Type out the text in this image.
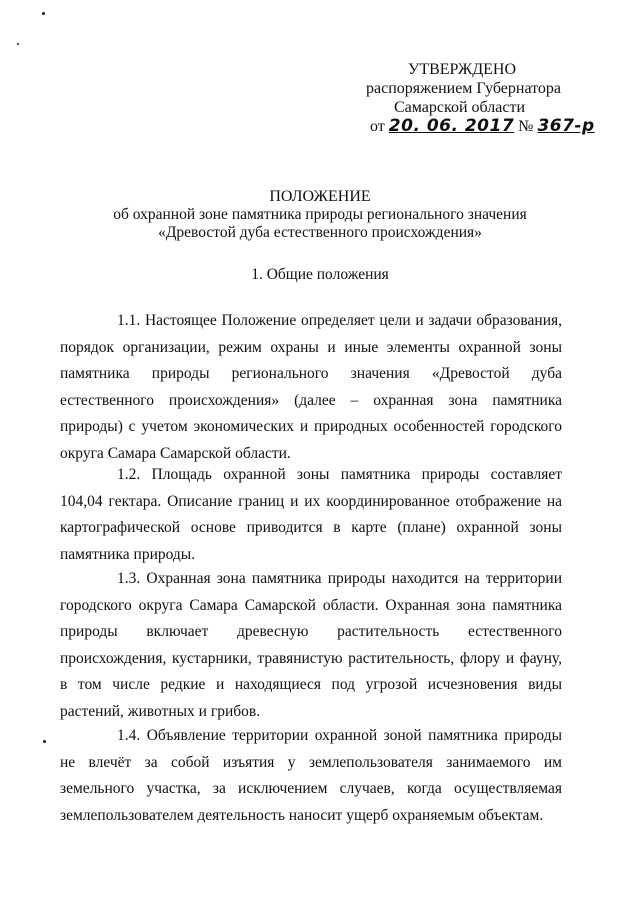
УТВЕРЖДЕНО
распоряжением Губернатора
Самарской области
от 20. 06. 2017 № 367-р
ПОЛОЖЕНИЕ
об охранной зоне памятника природы регионального значения
«Древостой дуба естественного происхождения»
1. Общие положения

1.1. Настоящее Положение определяет цели и задачи образования, порядок организации, режим охраны и иные элементы охранной зоны памятника природы регионального значения «Древостой дуба естественного происхождения» (далее – охранная зона памятника природы) с учетом экономических и природных особенностей городского округа Самара Самарской области.

1.2. Площадь охранной зоны памятника природы составляет 104,04 гектара. Описание границ и их координированное отображение на картографической основе приводится в карте (плане) охранной зоны памятника природы.

1.3. Охранная зона памятника природы находится на территории городского округа Самара Самарской области. Охранная зона памятника природы включает древесную растительность естественного происхождения, кустарники, травянистую растительность, флору и фауну, в том числе редкие и находящиеся под угрозой исчезновения виды растений, животных и грибов.

1.4. Объявление территории охранной зоной памятника природы не влечёт за собой изъятия у землепользователя занимаемого им земельного участка, за исключением случаев, когда осуществляемая землепользователем деятельность наносит ущерб охраняемым объектам.
